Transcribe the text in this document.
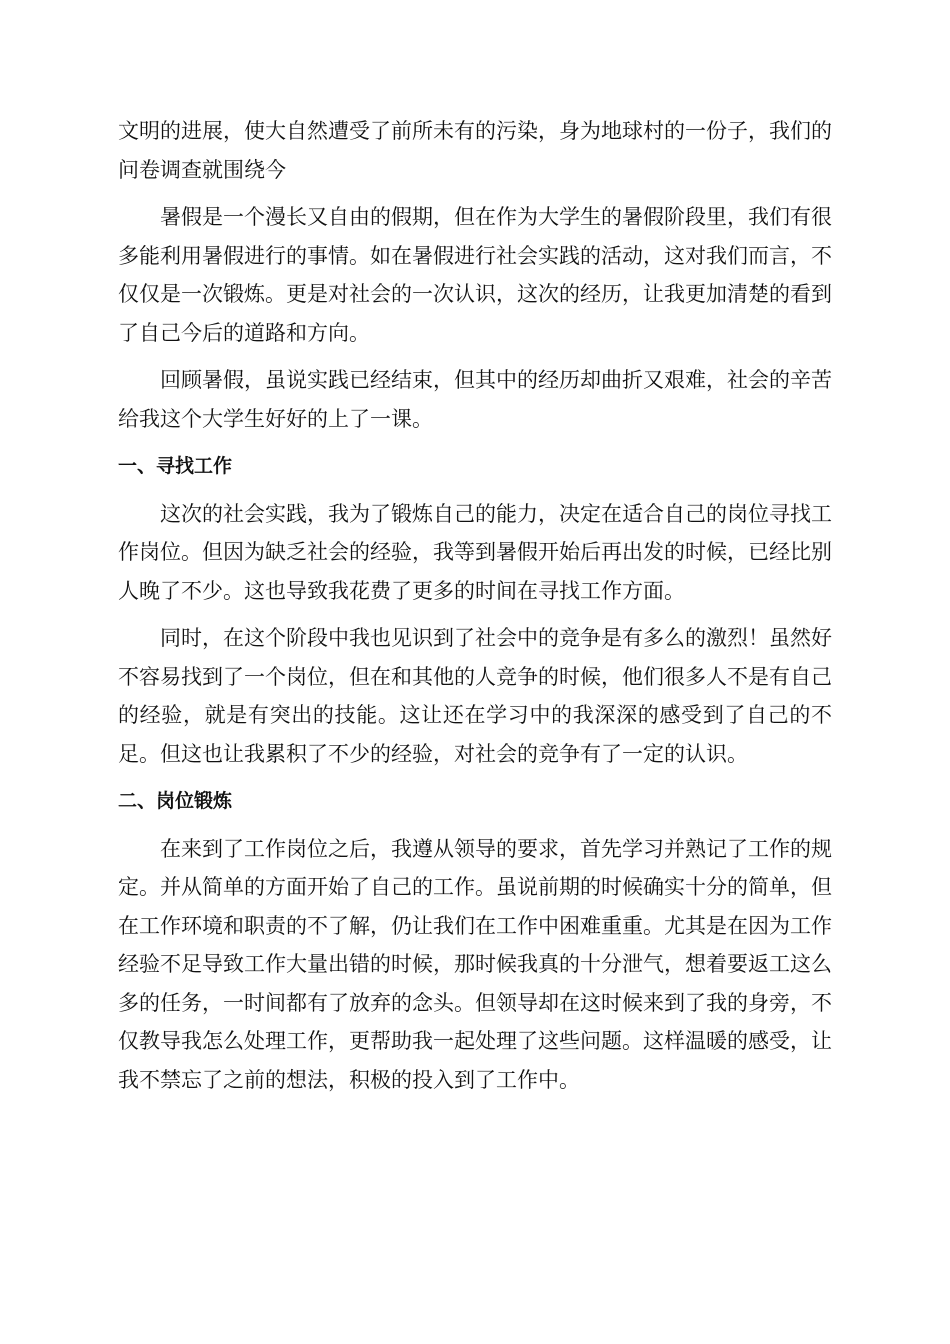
文明的进展，使大自然遭受了前所未有的污染，身为地球村的一份子，我们的问卷调查就围绕今

暑假是一个漫长又自由的假期，但在作为大学生的暑假阶段里，我们有很多能利用暑假进行的事情。如在暑假进行社会实践的活动，这对我们而言，不仅仅是一次锻炼。更是对社会的一次认识，这次的经历，让我更加清楚的看到了自己今后的道路和方向。

回顾暑假，虽说实践已经结束，但其中的经历却曲折又艰难，社会的辛苦给我这个大学生好好的上了一课。

一、寻找工作

这次的社会实践，我为了锻炼自己的能力，决定在适合自己的岗位寻找工作岗位。但因为缺乏社会的经验，我等到暑假开始后再出发的时候，已经比别人晚了不少。这也导致我花费了更多的时间在寻找工作方面。

同时，在这个阶段中我也见识到了社会中的竞争是有多么的激烈！虽然好不容易找到了一个岗位，但在和其他的人竞争的时候，他们很多人不是有自己的经验，就是有突出的技能。这让还在学习中的我深深的感受到了自己的不足。但这也让我累积了不少的经验，对社会的竞争有了一定的认识。

二、岗位锻炼

在来到了工作岗位之后，我遵从领导的要求，首先学习并熟记了工作的规定。并从简单的方面开始了自己的工作。虽说前期的时候确实十分的简单，但在工作环境和职责的不了解，仍让我们在工作中困难重重。尤其是在因为工作经验不足导致工作大量出错的时候，那时候我真的十分泄气，想着要返工这么多的任务，一时间都有了放弃的念头。但领导却在这时候来到了我的身旁，不仅教导我怎么处理工作，更帮助我一起处理了这些问题。这样温暖的感受，让我不禁忘了之前的想法，积极的投入到了工作中。
